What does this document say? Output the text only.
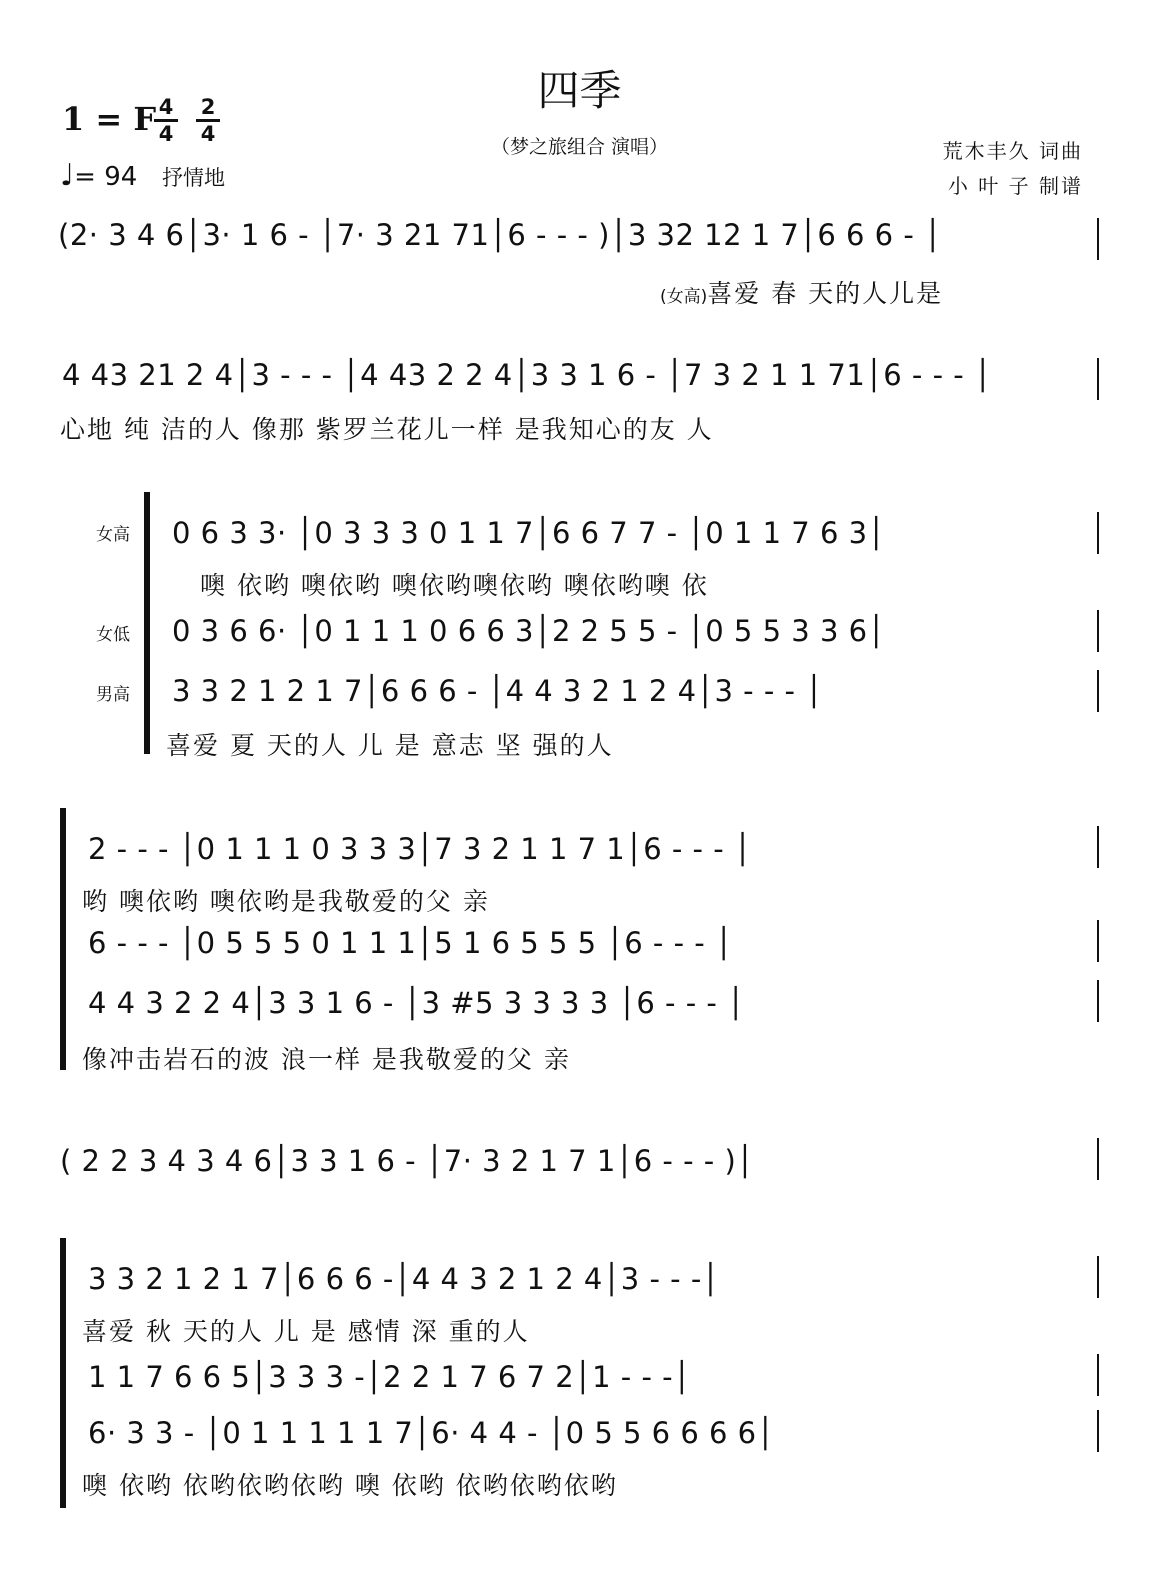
四季
（梦之旅组合 演唱）
1 = F 4
4
2
4
♩= 94 抒情地
荒木丰久 词曲
小 叶 子 制谱
(2· 3 4 6│3· 1 6 - │7· 3 21 71│6 - - - )│3 32 12 1 7│6 6 6 - │
(女高)喜爱 春 天的人儿是
4 43 21 2 4│3 - - - │4 43 2 2 4│3 3 1 6 - │7 3 2 1 1 71│6 - - - │
心地 纯 洁的人 像那 紫罗兰花儿一样 是我知心的友 人
女高
女低
男高
0 6 3 3· │0 3 3 3 0 1 1 7│6 6 7 7 - │0 1 1 7 6 3│
噢 依哟 噢依哟 噢依哟噢依哟 噢依哟噢 依
0 3 6 6· │0 1 1 1 0 6 6 3│2 2 5 5 - │0 5 5 3 3 6│
3 3 2 1 2 1 7│6 6 6 - │4 4 3 2 1 2 4│3 - - - │
喜爱 夏 天的人 儿 是 意志 坚 强的人
2 - - - │0 1 1 1 0 3 3 3│7 3 2 1 1 7 1│6 - - - │
哟 噢依哟 噢依哟是我敬爱的父 亲
6 - - - │0 5 5 5 0 1 1 1│5 1 6 5 5 5 │6 - - - │
4 4 3 2 2 4│3 3 1 6 - │3 #5 3 3 3 3 │6 - - - │
像冲击岩石的波 浪一样 是我敬爱的父 亲
( 2 2 3 4 3 4 6│3 3 1 6 - │7· 3 2 1 7 1│6 - - - )│
3 3 2 1 2 1 7│6 6 6 -│4 4 3 2 1 2 4│3 - - -│
喜爱 秋 天的人 儿 是 感情 深 重的人
1 1 7 6 6 5│3 3 3 -│2 2 1 7 6 7 2│1 - - -│
6· 3 3 - │0 1 1 1 1 1 7│6· 4 4 - │0 5 5 6 6 6 6│
噢 依哟 依哟依哟依哟 噢 依哟 依哟依哟依哟
